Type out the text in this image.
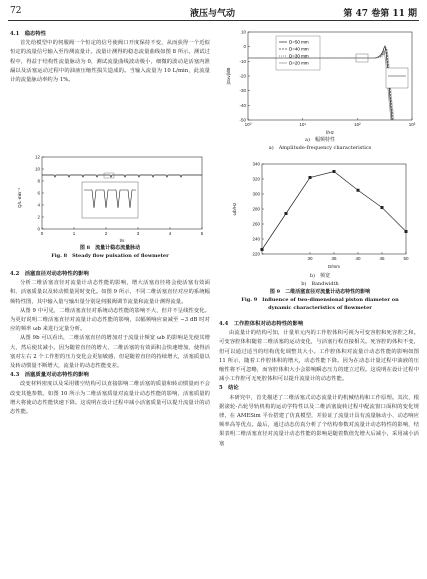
72	液压与气动	第 47 卷第 11 期

4.1　稳态特性

首先给模型中的伺服阀一个恒定的信号使阀口开度保持不变，从而获得一个近似恒定的流量信号输入至待测流量计。流量计测得的稳态流量曲线如图 8 所示。测试过程中，得益于结构性流量脉动为 0，测试流量曲线波动极小，细微的波动是活塞内泄漏以及活塞运动过程中的油液压缩性损失造成的。当输入流量为 10 L/min，此流量计的流量脉动率约为 1%。

12
10
8
6
4
2
0
0	1	2	3	4	5
Q/L·min⁻¹
t/s
图 8　流量计稳态流量脉动
Fig. 8　Steady flow pulsation of flowmeter

4.2　活塞直径对动态特性的影响

分析二维活塞直径对流量计动态性能的影响，增大活塞直径将会使活塞有效面积、活塞质量以及转动惯量同时变化。如图 9 所示，不同二维活塞直径对应的系统幅频特性图，其中输入量与输出量分别是伺服阀调节流量和流量计测得流量。

从图 9 中可见，二维活塞直径对系统动态性能的影响不大，但并不呈线性变化。为更好说明二维活塞直径对流量计动态性能的影响，以幅频响应衰减至 −3 dB 时对应的频率 ωb 来进行定量分析。

从图 9b 可以看出，二维活塞直径的增加对于流量计频宽 ωb 的影响是先使其增大，然后使其减小。因为随着直径的增大，二维活塞的有效面积会快速增加，使得活塞对左右 2 个工作腔的压力变化会更加敏感，但是随着直径的持续增大，活塞质量以及转动惯量不断增大，流量计的动态性能变差。

4.3　活塞质量对动态特性的影响

改变材料密度以及采用镂空结构可以直接影响二维活塞的质量和转动惯量而不会改变其他参数。如图 10 所示为二维活塞质量对流量计动态性能的影响，活塞质量的增大将使动态性能快速下降。这说明在设计过程中减小活塞质量可以提升流量计的动态性能。

10
0
-10
-20
-30
-40
-50
10⁰	10¹	10²	10³
|Gxv|/dB
f/Hz
D=50 mm
D=40 mm
D=30 mm
D=20 mm
a)　幅频特性
a)　Amplitude-frequency characteristics
340
320
300
280
260
240
220
30	35	40	45	50
ωb/Hz
D/mm
b)　频宽
b)　Bandwidth
图 9　二维活塞直径对流量计动态特性的影响
Fig. 9　Influence of two-dimensional piston diameter on
dynamic characteristics of flowmeter

4.4　工作腔体积对动态特性的影响

由流量计的结构可知，计量单元内的工作腔体积可视为可变容腔和死容腔之和。可变容腔体积随着二维活塞的运动变化，与活塞行程直接相关。死容腔的体积不变，但可以通过适当的结构优化调整其大小。工作腔体积对流量计动态性能的影响如图 11 所示，随着工作腔体积的增大，动态性能下降。因为在动态计量过程中油液的压缩性将不可忽略，而容腔体积大小会影响瞬态压力的建立过程。这说明在设计过程中减小工作腔可无死腔体积可以提升流量计的动态性能。

5　结论

本研究中，首先描述了二维活塞式动态流量计的机械结构和工作原理。其次，根据滚轮-凸轮导轨机构的运动学特性以及二维活塞旋转过程中配流窗口面积的变化规律，在 AMESim 平台搭建了仿真模型，并验证了流量计具有流量脉动小、动态响应频率高等优点。最后，通过动态仿真分析了个结构参数对流量计动态特性的影响，结果表明二维活塞直径对流量计动态性能的影响是随着数值先增大后减小，采用减小活塞
